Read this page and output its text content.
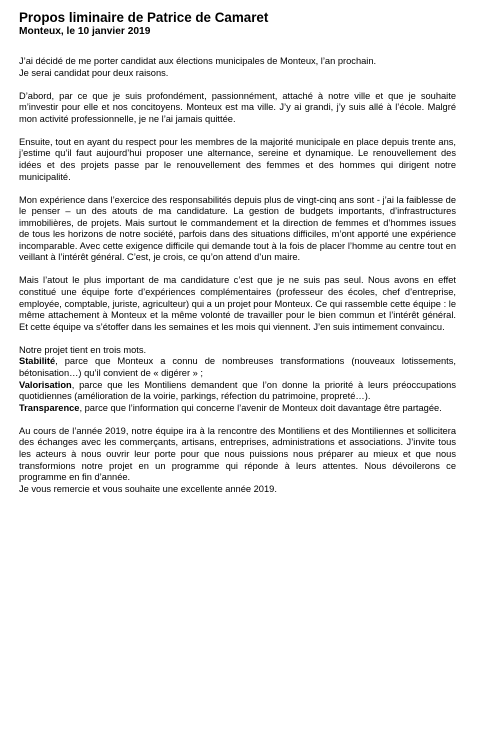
Propos liminaire de Patrice de Camaret
Monteux, le 10 janvier 2019
J’ai décidé de me porter candidat aux élections municipales de Monteux, l’an prochain.
Je serai candidat pour deux raisons.
D’abord, par ce que je suis profondément, passionnément, attaché à notre ville et que je souhaite m’investir pour elle et nos concitoyens. Monteux est ma ville. J’y ai grandi, j’y suis allé à l’école. Malgré mon activité professionnelle, je ne l’ai jamais quittée.
Ensuite, tout en ayant du respect pour les membres de la majorité municipale en place depuis trente ans, j’estime qu’il faut aujourd’hui proposer une alternance, sereine et dynamique. Le renouvellement des idées et des projets passe par le renouvellement des femmes et des hommes qui dirigent notre municipalité.
Mon expérience dans l’exercice des responsabilités depuis plus de vingt-cinq ans sont - j’ai la faiblesse de le penser – un des atouts de ma candidature. La gestion de budgets importants, d’infrastructures immobilières, de projets. Mais surtout le commandement et la direction de femmes et d’hommes issues de tous les horizons de notre société, parfois dans des situations difficiles, m’ont apporté une expérience incomparable. Avec cette exigence difficile qui demande tout à la fois de placer l’homme au centre tout en veillant à l’intérêt général. C’est, je crois, ce qu’on attend d’un maire.
Mais l’atout le plus important de ma candidature c’est que je ne suis pas seul. Nous avons en effet constitué une équipe forte d’expériences complémentaires (professeur des écoles, chef d’entreprise, employée, comptable, juriste, agriculteur) qui a un projet pour Monteux. Ce qui rassemble cette équipe : le même attachement à Monteux et la même volonté de travailler pour le bien commun et l’intérêt général. Et cette équipe va s’étoffer dans les semaines et les mois qui viennent. J’en suis intimement convaincu.
Notre projet tient en trois mots.
Stabilité, parce que Monteux a connu de nombreuses transformations (nouveaux lotissements, bétonisation…) qu’il convient de « digérer » ;
Valorisation, parce que les Montiliens demandent que l’on donne la priorité à leurs préoccupations quotidiennes (amélioration de la voirie, parkings, réfection du patrimoine, propreté…).
Transparence, parce que l’information qui concerne l’avenir de Monteux doit davantage être partagée.
Au cours de l’année 2019, notre équipe ira à la rencontre des Montiliens et des Montiliennes et sollicitera des échanges avec les commerçants, artisans, entreprises, administrations et associations. J’invite tous les acteurs à nous ouvrir leur porte pour que nous puissions nous préparer au mieux et que nous transformions notre projet en un programme qui réponde à leurs attentes. Nous dévoilerons ce programme en fin d’année.
Je vous remercie et vous souhaite une excellente année 2019.
